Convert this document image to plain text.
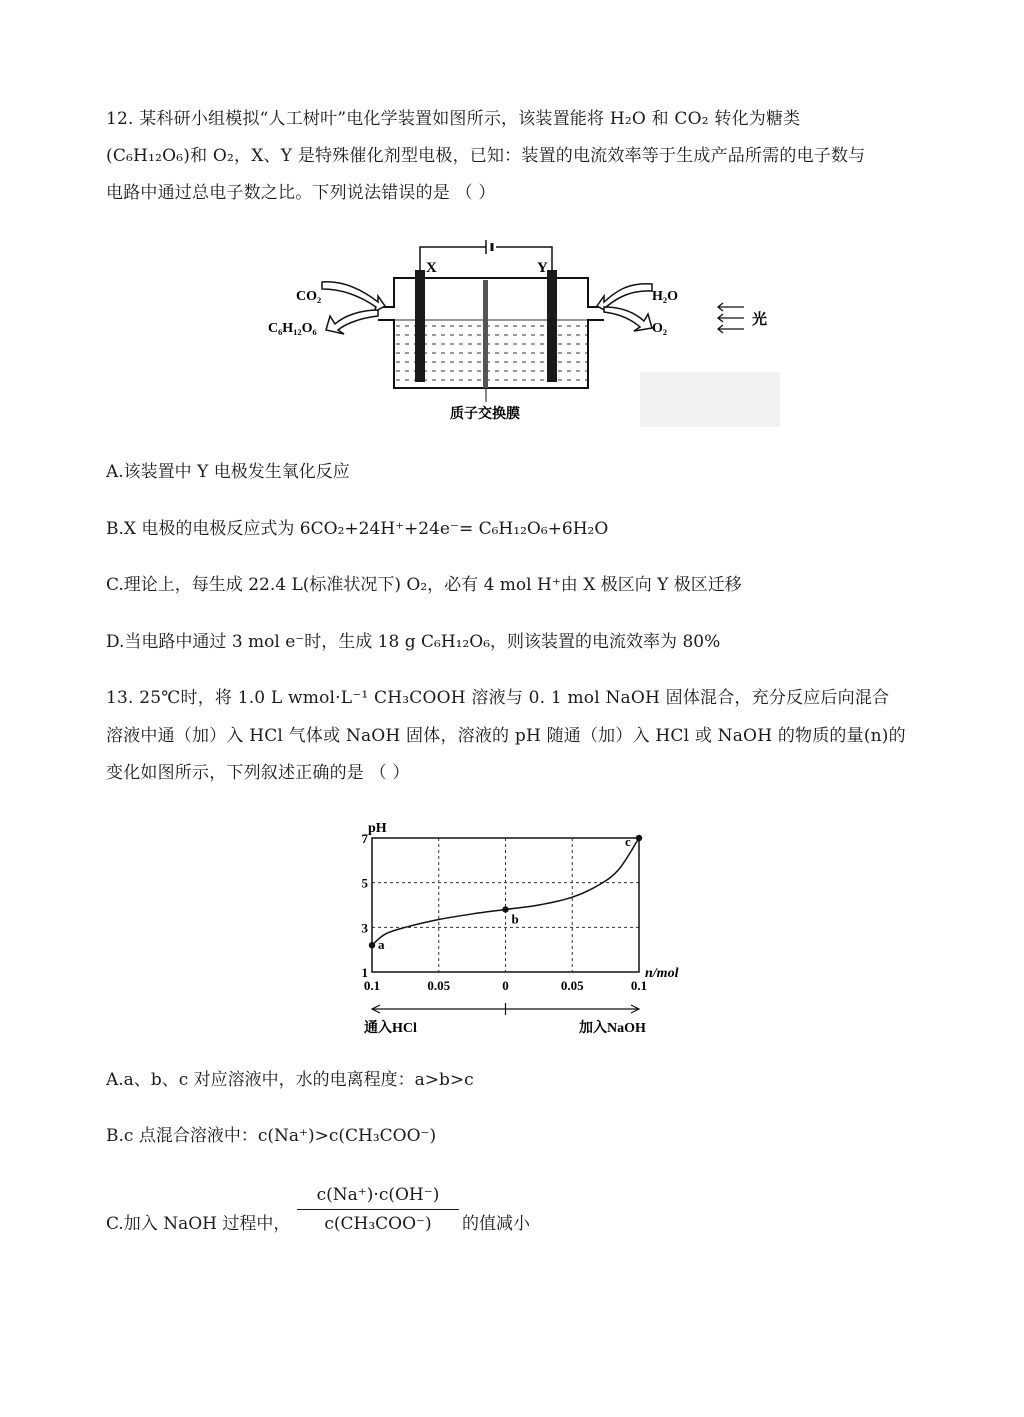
12. 某科研小组模拟“人工树叶”电化学装置如图所示，该装置能将 H₂O 和 CO₂ 转化为糖类
(C₆H₁₂O₆)和 O₂，X、Y 是特殊催化剂型电极，已知：装置的电流效率等于生成产品所需的电子数与
电路中通过总电子数之比。下列说法错误的是 （ ）
X	Y
CO₂
C₆H₁₂O₆
H₂O
O₂
光
质子交换膜
A.该装置中 Y 电极发生氧化反应
B.X 电极的电极反应式为 6CO₂+24H⁺+24e⁻= C₆H₁₂O₆+6H₂O
C.理论上，每生成 22.4 L(标准状况下) O₂，必有 4 mol H⁺由 X 极区向 Y 极区迁移
D.当电路中通过 3 mol e⁻时，生成 18 g C₆H₁₂O₆，则该装置的电流效率为 80%
13. 25℃时，将 1.0 L wmol·L⁻¹ CH₃COOH 溶液与 0. 1 mol NaOH 固体混合，充分反应后向混合
溶液中通（加）入 HCl 气体或 NaOH 固体，溶液的 pH 随通（加）入 HCl 或 NaOH 的物质的量(n)的
变化如图所示，下列叙述正确的是 （ ）
a
b
c
0.1	0.05	0	0.05	0.1
1
3
5
7
pH
n/mol
通入HCl	加入NaOH
A.a、b、c 对应溶液中，水的电离程度：a>b>c
B.c 点混合溶液中：c(Na⁺)>c(CH₃COO⁻)
C.加入 NaOH 过程中，
c(Na⁺)·c(OH⁻)
c(CH₃COO⁻)	的值减小
